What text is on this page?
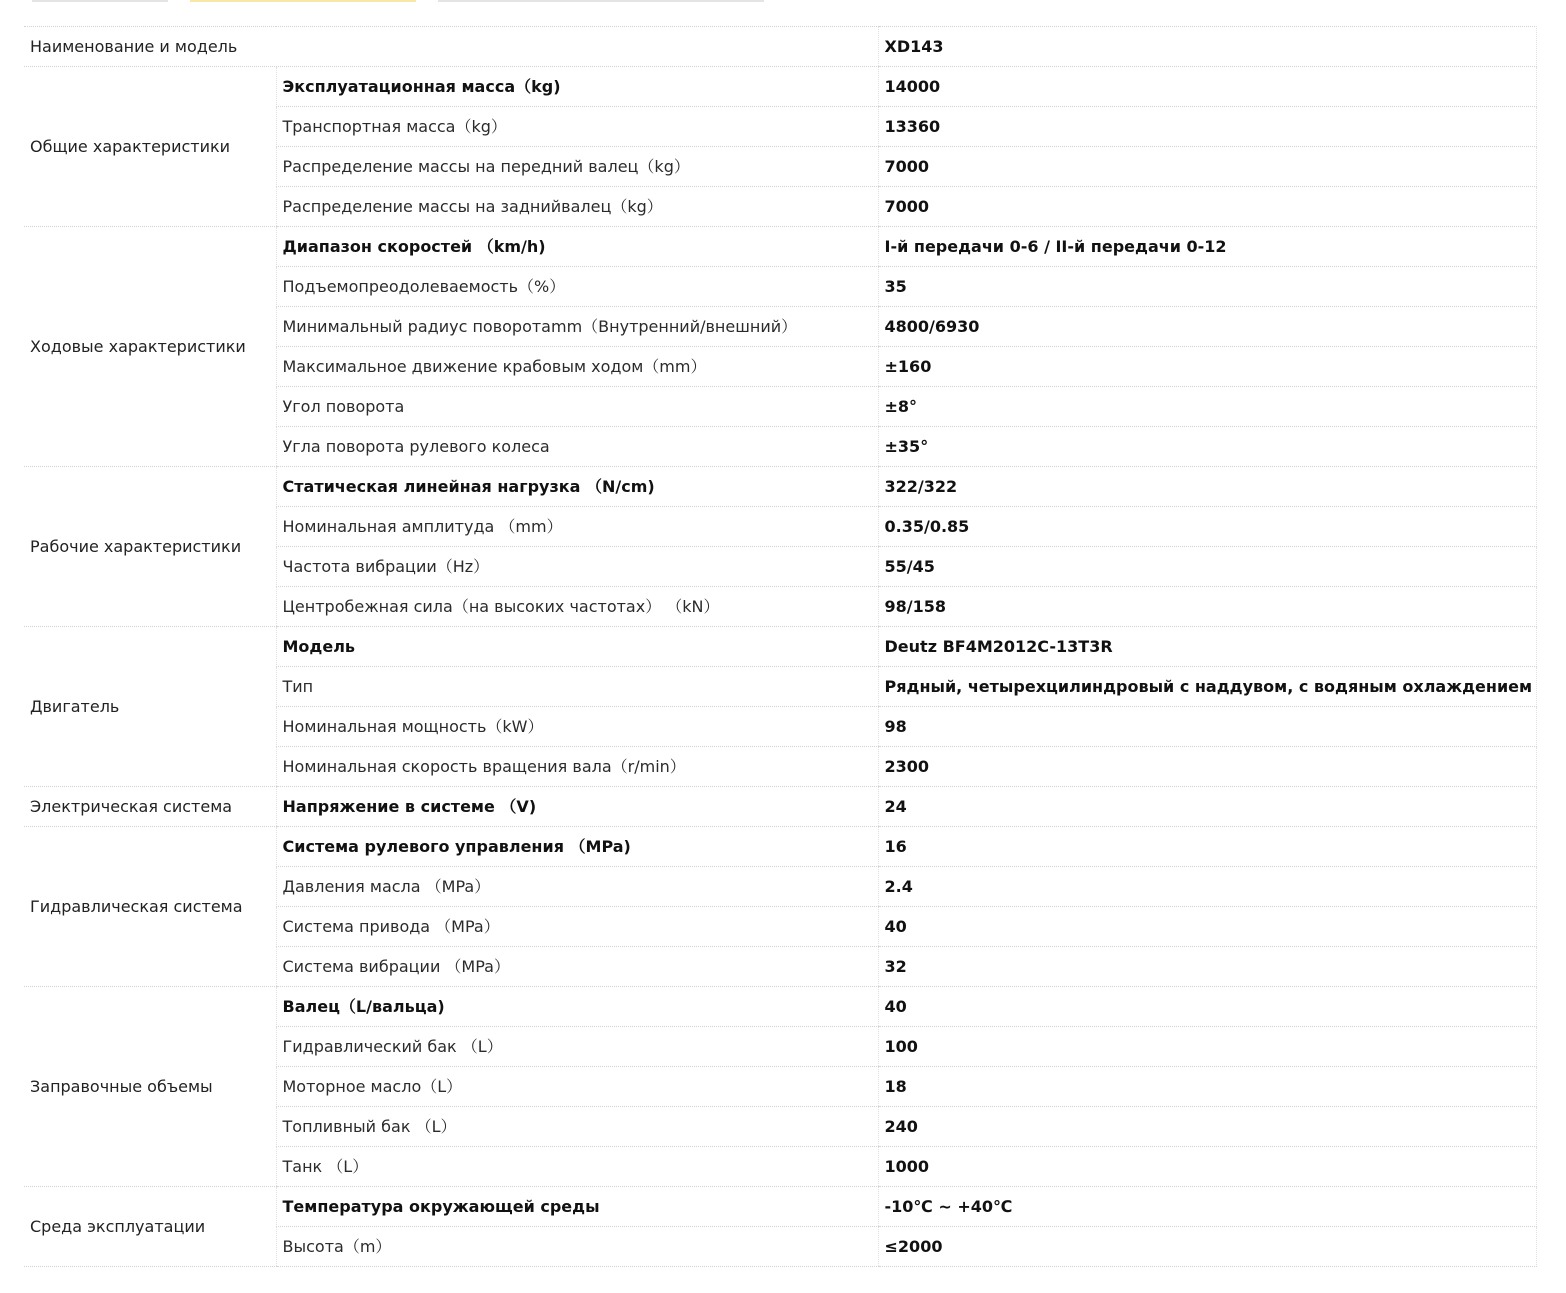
Наименование и модель		XD143
Общие характеристики	Эксплуатационная масса（kg)	14000
	Транспортная масса（kg）	13360
	Распределение массы на передний валец（kg）	7000
	Распределение массы на заднийвалец（kg）	7000
Ходовые характеристики	Диапазон скоростей （km/h)	I-й передачи 0-6 / II-й передачи 0-12
	Подъемопреодолеваемость（%）	35
	Минимальный радиус поворотаmm（Внутренний/внешний）	4800/6930
	Максимальное движение крабовым ходом（mm）	±160
	Угол поворота	±8°
	Угла поворота рулевого колеса	±35°
Рабочие характеристики	Статическая линейная нагрузка （N/cm)	322/322
	Номинальная амплитуда （mm）	0.35/0.85
	Частота вибрации（Hz）	55/45
	Центробежная сила（на высоких частотах） （kN）	98/158
Двигатель	Модель	Deutz BF4M2012C-13T3R
	Тип	Рядный, четырехцилиндровый с наддувом, с водяным охлаждением
	Номинальная мощность（kW）	98
	Номинальная скорость вращения вала（r/min）	2300
Электрическая система	Напряжение в системе （V)	24
Гидравлическая система	Система рулевого управления （MPa)	16
	Давления масла （MPa）	2.4
	Система привода （MPa）	40
	Система вибрации （MPa）	32
Заправочные объемы	Валец（L/вальца)	40
	Гидравлический бак （L）	100
	Моторное масло（L）	18
	Топливный бак （L）	240
	Танк （L）	1000
Среда эксплуатации	Температура окружающей среды	-10℃ ~ +40℃
	Высота（m）	≤2000
